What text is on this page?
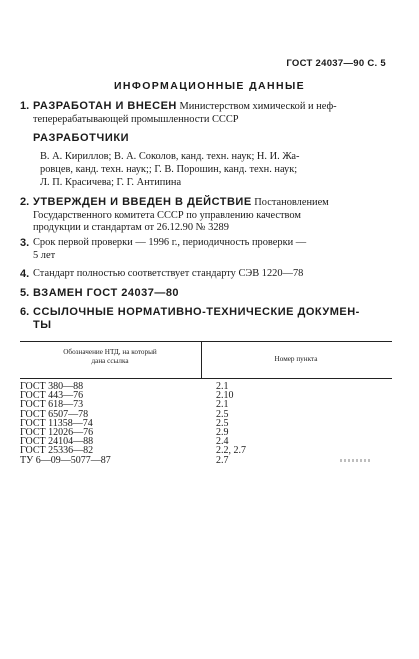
ГОСТ 24037—90 С. 5
ИНФОРМАЦИОННЫЕ ДАННЫЕ
1. РАЗРАБОТАН И ВНЕСЕН Министерством химической и неф-
теперерабатывающей промышленности СССР
РАЗРАБОТЧИКИ
В. А. Кириллов; В. А. Соколов, канд. техн. наук; Н. И. Жа-
ровцев, канд. техн. наук;; Г. В. Порошин, канд. техн. наук;
Л. П. Красичева; Г. Г. Антипина
2. УТВЕРЖДЕН И ВВЕДЕН В ДЕЙСТВИЕ Постановлением
Государственного комитета СССР по управлению качеством
продукции и стандартам от 26.12.90 № 3289
3. Срок первой проверки — 1996 г., периодичность проверки —
5 лет
4. Стандарт полностью соответствует стандарту СЭВ 1220—78
5. ВЗАМЕН ГОСТ 24037—80
6. ССЫЛОЧНЫЕ НОРМАТИВНО-ТЕХНИЧЕСКИЕ ДОКУМЕН-
ТЫ
Обозначение НТД, на который
дана ссылка	Номер пункта
ГОСТ 380—88	2.1
ГОСТ 443—76	2.10
ГОСТ 618—73	2.1
ГОСТ 6507—78	2.5
ГОСТ 11358—74	2.5
ГОСТ 12026—76	2.9
ГОСТ 24104—88	2.4
ГОСТ 25336—82	2.2, 2.7
ТУ 6—09—5077—87	2.7
